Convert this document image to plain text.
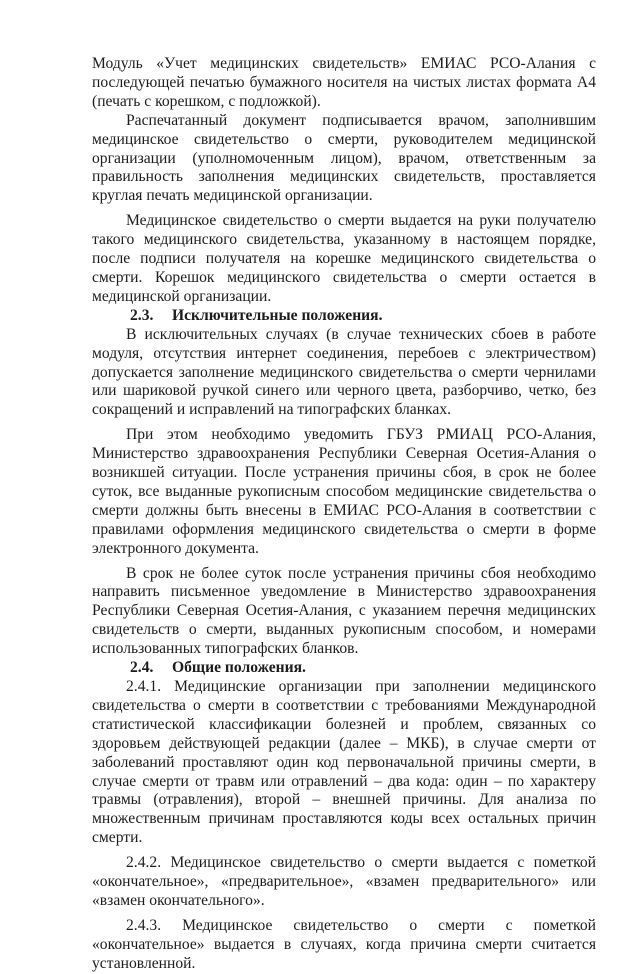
Модуль «Учет медицинских свидетельств» ЕМИАС РСО-Алания с последующей печатью бумажного носителя на чистых листах формата А4 (печать с корешком, с подложкой).

Распечатанный документ подписывается врачом, заполнившим медицинское свидетельство о смерти, руководителем медицинской организации (уполномоченным лицом), врачом, ответственным за правильность заполнения медицинских свидетельств, проставляется круглая печать медицинской организации.

Медицинское свидетельство о смерти выдается на руки получателю такого медицинского свидетельства, указанному в настоящем порядке, после подписи получателя на корешке медицинского свидетельства о смерти. Корешок медицинского свидетельства о смерти остается в медицинской организации.

2.3. Исключительные положения.

В исключительных случаях (в случае технических сбоев в работе модуля, отсутствия интернет соединения, перебоев с электричеством) допускается заполнение медицинского свидетельства о смерти чернилами или шариковой ручкой синего или черного цвета, разборчиво, четко, без сокращений и исправлений на типографских бланках.

При этом необходимо уведомить ГБУЗ РМИАЦ РСО-Алания, Министерство здравоохранения Республики Северная Осетия-Алания о возникшей ситуации. После устранения причины сбоя, в срок не более суток, все выданные рукописным способом медицинские свидетельства о смерти должны быть внесены в ЕМИАС РСО-Алания в соответствии с правилами оформления медицинского свидетельства о смерти в форме электронного документа.

В срок не более суток после устранения причины сбоя необходимо направить письменное уведомление в Министерство здравоохранения Республики Северная Осетия-Алания, с указанием перечня медицинских свидетельств о смерти, выданных рукописным способом, и номерами использованных типографских бланков.

2.4. Общие положения.

2.4.1. Медицинские организации при заполнении медицинского свидетельства о смерти в соответствии с требованиями Международной статистической классификации болезней и проблем, связанных со здоровьем действующей редакции (далее – МКБ), в случае смерти от заболеваний проставляют один код первоначальной причины смерти, в случае смерти от травм или отравлений – два кода: один – по характеру травмы (отравления), второй – внешней причины. Для анализа по множественным причинам проставляются коды всех остальных причин смерти.

2.4.2. Медицинское свидетельство о смерти выдается с пометкой «окончательное», «предварительное», «взамен предварительного» или «взамен окончательного».

2.4.3. Медицинское свидетельство о смерти с пометкой «окончательное» выдается в случаях, когда причина смерти считается установленной.
